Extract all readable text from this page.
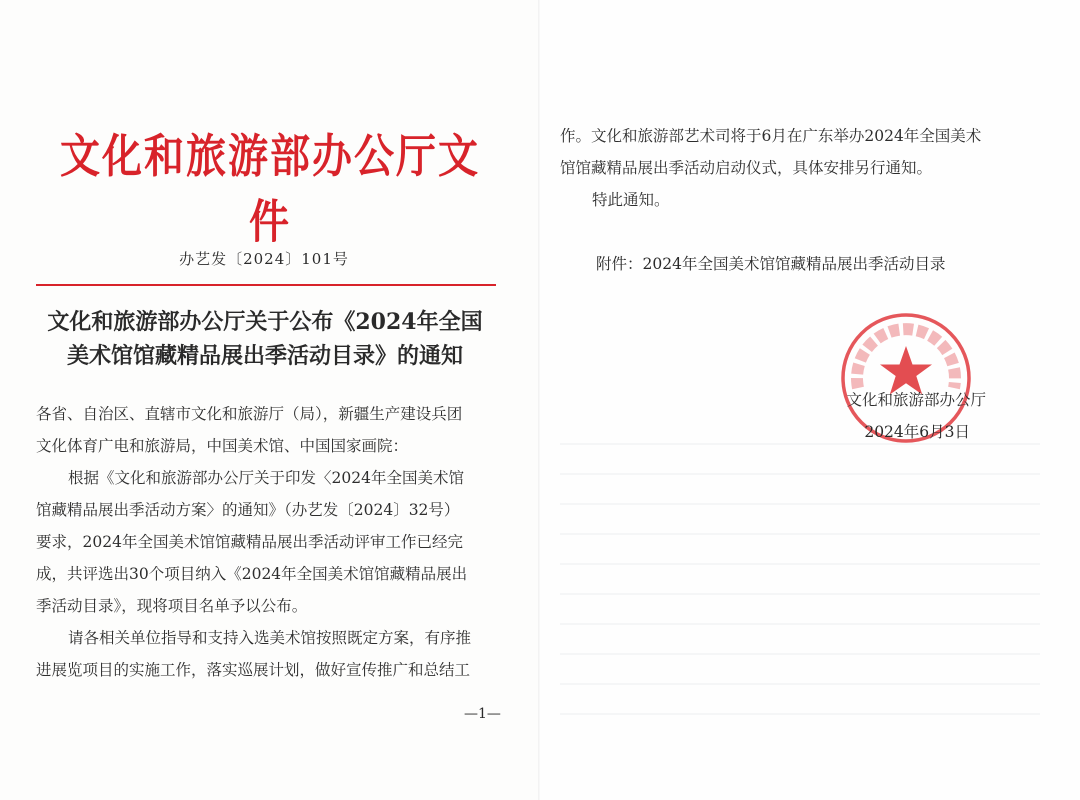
文化和旅游部办公厅文件
办艺发〔2024〕101号
文化和旅游部办公厅关于公布《2024年全国
美术馆馆藏精品展出季活动目录》的通知
各省、自治区、直辖市文化和旅游厅（局），新疆生产建设兵团
文化体育广电和旅游局，中国美术馆、中国国家画院：
根据《文化和旅游部办公厅关于印发〈2024年全国美术馆
馆藏精品展出季活动方案〉的通知》（办艺发〔2024〕32号）
要求，2024年全国美术馆馆藏精品展出季活动评审工作已经完
成，共评选出30个项目纳入《2024年全国美术馆馆藏精品展出
季活动目录》，现将项目名单予以公布。
请各相关单位指导和支持入选美术馆按照既定方案，有序推
进展览项目的实施工作，落实巡展计划，做好宣传推广和总结工
—1—
作。文化和旅游部艺术司将于6月在广东举办2024年全国美术
馆馆藏精品展出季活动启动仪式，具体安排另行通知。
特此通知。
附件：2024年全国美术馆馆藏精品展出季活动目录
文化和旅游部办公厅
2024年6月3日
